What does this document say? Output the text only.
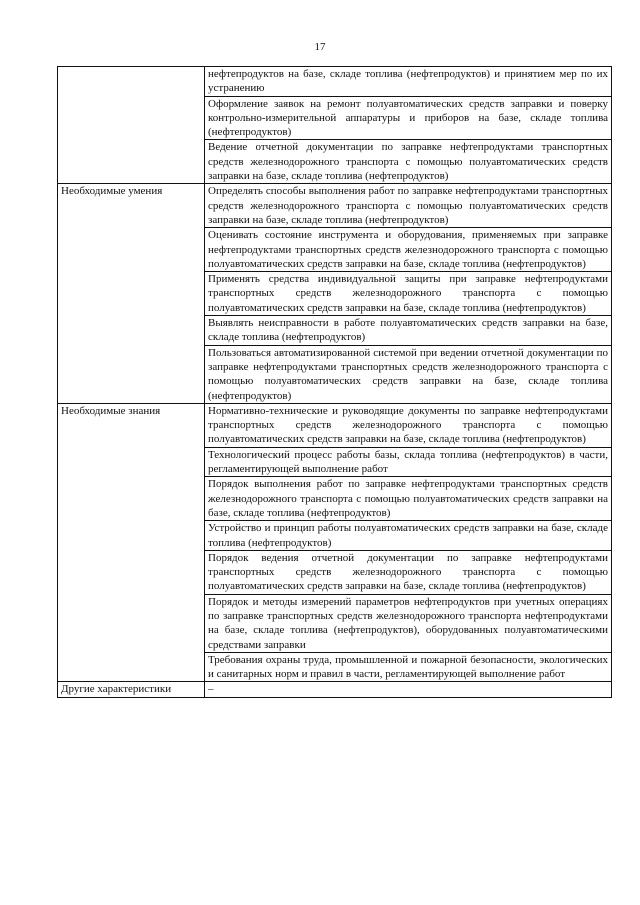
17
	нефтепродуктов на базе, складе топлива (нефтепродуктов) и принятием мер по их устранению
	Оформление заявок на ремонт полуавтоматических средств заправки и поверку контрольно-измерительной аппаратуры и приборов на базе, складе топлива (нефтепродуктов)
	Ведение отчетной документации по заправке нефтепродуктами транспортных средств железнодорожного транспорта с помощью полуавтоматических средств заправки на базе, складе топлива (нефтепродуктов)
Необходимые умения	Определять способы выполнения работ по заправке нефтепродуктами транспортных средств железнодорожного транспорта с помощью полуавтоматических средств заправки на базе, складе топлива (нефтепродуктов)
	Оценивать состояние инструмента и оборудования, применяемых при заправке нефтепродуктами транспортных средств железнодорожного транспорта с помощью полуавтоматических средств заправки на базе, складе топлива (нефтепродуктов)
	Применять средства индивидуальной защиты при заправке нефтепродуктами транспортных средств железнодорожного транспорта с помощью полуавтоматических средств заправки на базе, складе топлива (нефтепродуктов)
	Выявлять неисправности в работе полуавтоматических средств заправки на базе, складе топлива (нефтепродуктов)
	Пользоваться автоматизированной системой при ведении отчетной документации по заправке нефтепродуктами транспортных средств железнодорожного транспорта с помощью полуавтоматических средств заправки на базе, складе топлива (нефтепродуктов)
Необходимые знания	Нормативно-технические и руководящие документы по заправке нефтепродуктами транспортных средств железнодорожного транспорта с помощью полуавтоматических средств заправки на базе, складе топлива (нефтепродуктов)
	Технологический процесс работы базы, склада топлива (нефтепродуктов) в части, регламентирующей выполнение работ
	Порядок выполнения работ по заправке нефтепродуктами транспортных средств железнодорожного транспорта с помощью полуавтоматических средств заправки на базе, складе топлива (нефтепродуктов)
	Устройство и принцип работы полуавтоматических средств заправки на базе, складе топлива (нефтепродуктов)
	Порядок ведения отчетной документации по заправке нефтепродуктами транспортных средств железнодорожного транспорта с помощью полуавтоматических средств заправки на базе, складе топлива (нефтепродуктов)
	Порядок и методы измерений параметров нефтепродуктов при учетных операциях по заправке транспортных средств железнодорожного транспорта нефтепродуктами на базе, складе топлива (нефтепродуктов), оборудованных полуавтоматическими средствами заправки
	Требования охраны труда, промышленной и пожарной безопасности, экологических и санитарных норм и правил в части, регламентирующей выполнение работ
Другие характеристики	–
